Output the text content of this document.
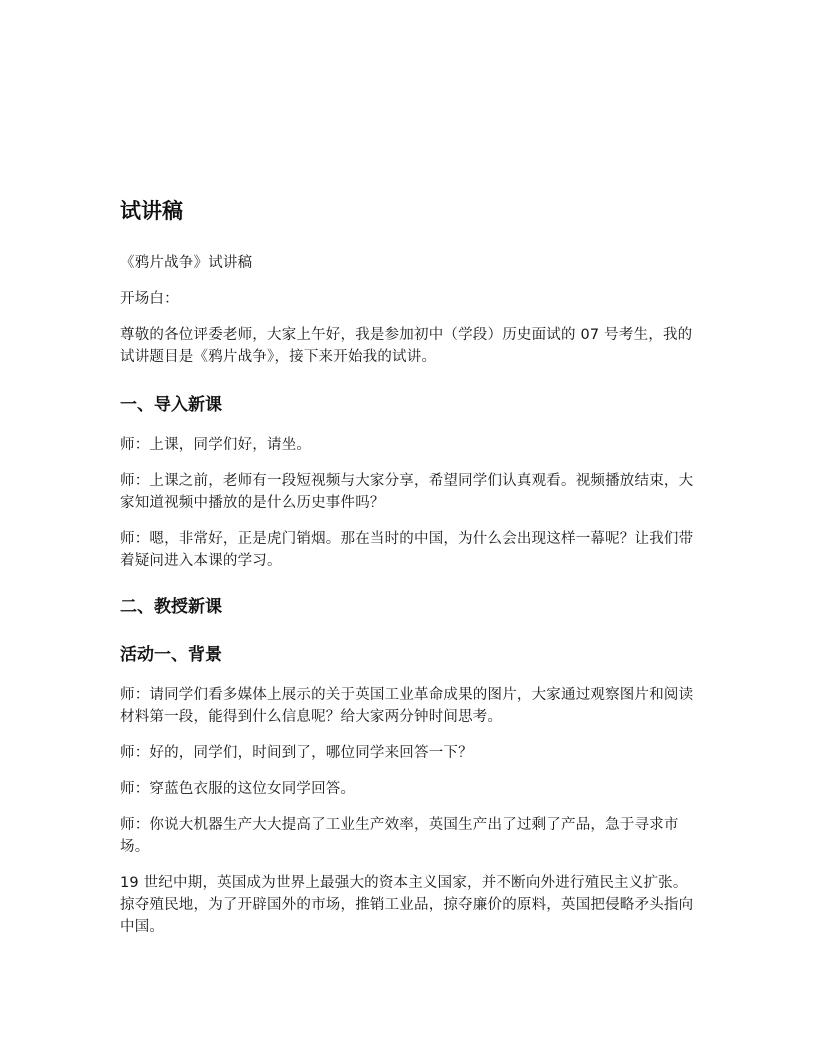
试讲稿
《鸦片战争》试讲稿
开场白：
尊敬的各位评委老师，大家上午好，我是参加初中（学段）历史面试的 07 号考生，我的试讲题目是《鸦片战争》，接下来开始我的试讲。
一、导入新课
师：上课，同学们好，请坐。
师：上课之前，老师有一段短视频与大家分享，希望同学们认真观看。视频播放结束，大家知道视频中播放的是什么历史事件吗？
师：嗯，非常好，正是虎门销烟。那在当时的中国，为什么会出现这样一幕呢？让我们带着疑问进入本课的学习。
二、教授新课
活动一、背景
师：请同学们看多媒体上展示的关于英国工业革命成果的图片，大家通过观察图片和阅读材料第一段，能得到什么信息呢？给大家两分钟时间思考。
师：好的，同学们，时间到了，哪位同学来回答一下？
师：穿蓝色衣服的这位女同学回答。
师：你说大机器生产大大提高了工业生产效率，英国生产出了过剩了产品，急于寻求市场。
19 世纪中期，英国成为世界上最强大的资本主义国家，并不断向外进行殖民主义扩张。掠夺殖民地，为了开辟国外的市场，推销工业品，掠夺廉价的原料，英国把侵略矛头指向中国。
